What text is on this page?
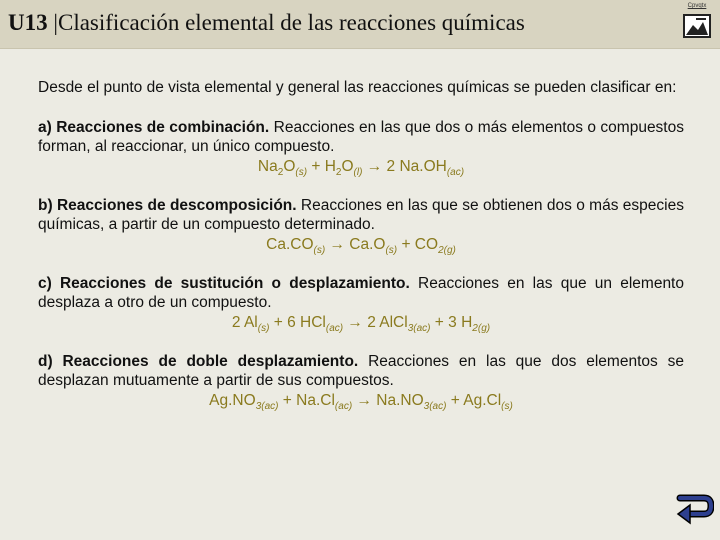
U13 |Clasificación elemental de las reacciones químicas
Cpvqtx

Desde el punto de vista elemental y general las reacciones químicas se pueden clasificar en:

a) Reacciones de combinación. Reacciones en las que dos o más elementos o compuestos forman, al reaccionar, un único compuesto.

$Na_2O_{(s)} + H_2O_{(l)} \to 2$ $Na.OH_{(ac)}$

b) Reacciones de descomposición. Reacciones en las que se obtienen dos o más especies químicas, a partir de un compuesto determinado.

$Ca.CO_{(s)} \to Ca.O_{(s)} + CO_{2(g)}$

c) Reacciones de sustitución o desplazamiento. Reacciones en las que un elemento desplaza a otro de un compuesto.

2 $Al_{(s)} + 6$ HCl$_{(ac)}$ → 2 AlCl$_{3(ac)}$ + 3 $H_{2(g)}$

d) Reacciones de doble desplazamiento. Reacciones en las que dos elementos se desplazan mutuamente a partir de sus compuestos.

$Ag.NO_{3(ac)} + Na.Cl_{(ac)} \to Na.NO_{3(ac)} + Ag.Cl_{(s)}$
